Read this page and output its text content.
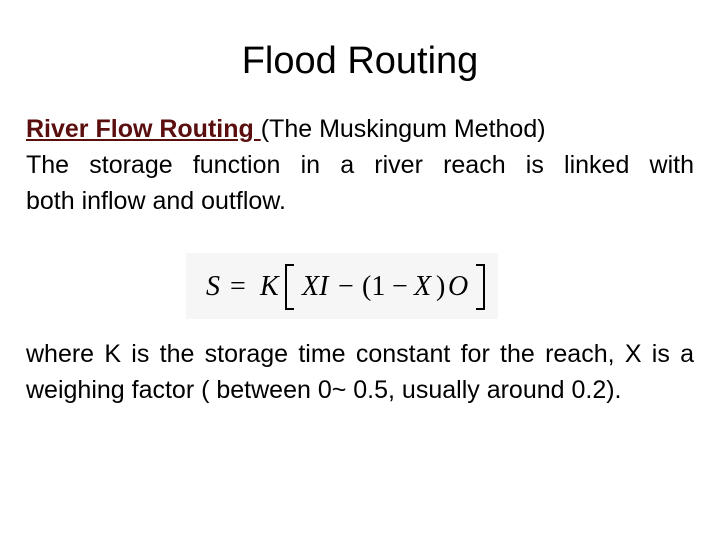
Flood Routing
River Flow Routing (The Muskingum Method)
The storage function in a river reach is linked with
both inflow and outflow.
S = K XI − (1 − X ) O
where K is the storage time constant for the reach, X is a weighing factor ( between 0~ 0.5, usually around 0.2).
